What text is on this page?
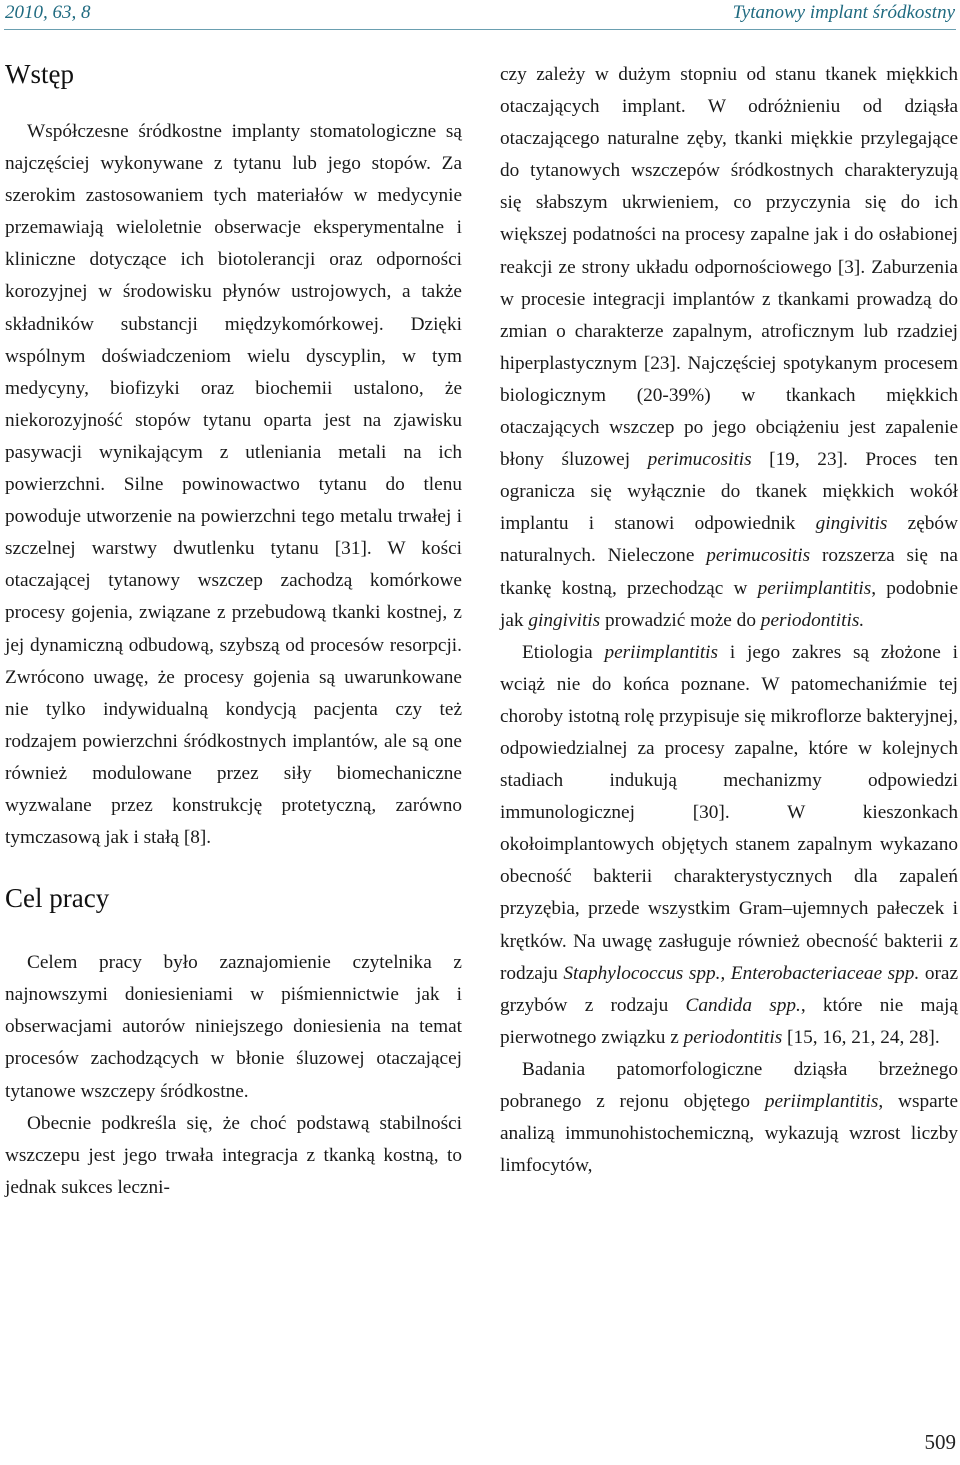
2010, 63, 8	Tytanowy implant śródkostny
Wstęp

Współczesne śródkostne implanty stomatologiczne są najczęściej wykonywane z tytanu lub jego stopów. Za szerokim zastosowaniem tych materiałów w medycynie przemawiają wieloletnie obserwacje eksperymentalne i kliniczne dotyczące ich biotolerancji oraz odporności korozyjnej w środowisku płynów ustrojowych, a także składników substancji międzykomórkowej. Dzięki wspólnym doświadczeniom wielu dyscyplin, w tym medycyny, biofizyki oraz biochemii ustalono, że niekorozyjność stopów tytanu oparta jest na zjawisku pasywacji wynikającym z utleniania metali na ich powierzchni. Silne powinowactwo tytanu do tlenu powoduje utworzenie na powierzchni tego metalu trwałej i szczelnej warstwy dwutlenku tytanu [31]. W kości otaczającej tytanowy wszczep zachodzą komórkowe procesy gojenia, związane z przebudową tkanki kostnej, z jej dynamiczną odbudową, szybszą od procesów resorpcji. Zwrócono uwagę, że procesy gojenia są uwarunkowane nie tylko indywidualną kondycją pacjenta czy też rodzajem powierzchni śródkostnych implantów, ale są one również modulowane przez siły biomechaniczne wyzwalane przez konstrukcję protetyczną, zarówno tymczasową jak i stałą [8].

Cel pracy

Celem pracy było zaznajomienie czytelnika z najnowszymi doniesieniami w piśmiennictwie jak i obserwacjami autorów niniejszego doniesienia na temat procesów zachodzących w błonie śluzowej otaczającej tytanowe wszczepy śródkostne.

Obecnie podkreśla się, że choć podstawą stabilności wszczepu jest jego trwała integracja z tkanką kostną, to jednak sukces leczni-

czy zależy w dużym stopniu od stanu tkanek miękkich otaczających implant. W odróżnieniu od dziąsła otaczającego naturalne zęby, tkanki miękkie przylegające do tytanowych wszczepów śródkostnych charakteryzują się słabszym ukrwieniem, co przyczynia się do ich większej podatności na procesy zapalne jak i do osłabionej reakcji ze strony układu odpornościowego [3]. Zaburzenia w procesie integracji implantów z tkankami prowadzą do zmian o charakterze zapalnym, atroficznym lub rzadziej hiperplastycznym [23]. Najczęściej spotykanym procesem biologicznym (20-39%) w tkankach miękkich otaczających wszczep po jego obciążeniu jest zapalenie błony śluzowej perimucositis [19, 23]. Proces ten ogranicza się wyłącznie do tkanek miękkich wokół implantu i stanowi odpowiednik gingivitis zębów naturalnych. Nieleczone perimucositis rozszerza się na tkankę kostną, przechodząc w periimplantitis, podobnie jak gingivitis prowadzić może do periodontitis.

Etiologia periimplantitis i jego zakres są złożone i wciąż nie do końca poznane. W patomechaniźmie tej choroby istotną rolę przypisuje się mikroflorze bakteryjnej, odpowiedzialnej za procesy zapalne, które w kolejnych stadiach indukują mechanizmy odpowiedzi immunologicznej [30]. W kieszonkach okołoimplantowych objętych stanem zapalnym wykazano obecność bakterii charakterystycznych dla zapaleń przyzębia, przede wszystkim Gram–ujemnych pałeczek i krętków. Na uwagę zasługuje również obecność bakterii z rodzaju Staphylococcus spp., Enterobacteriaceae spp. oraz grzybów z rodzaju Candida spp., które nie mają pierwotnego związku z periodontitis [15, 16, 21, 24, 28].

Badania patomorfologiczne dziąsła brzeżnego pobranego z rejonu objętego periimplantitis, wsparte analizą immunohistochemiczną, wykazują wzrost liczby limfocytów,

509
